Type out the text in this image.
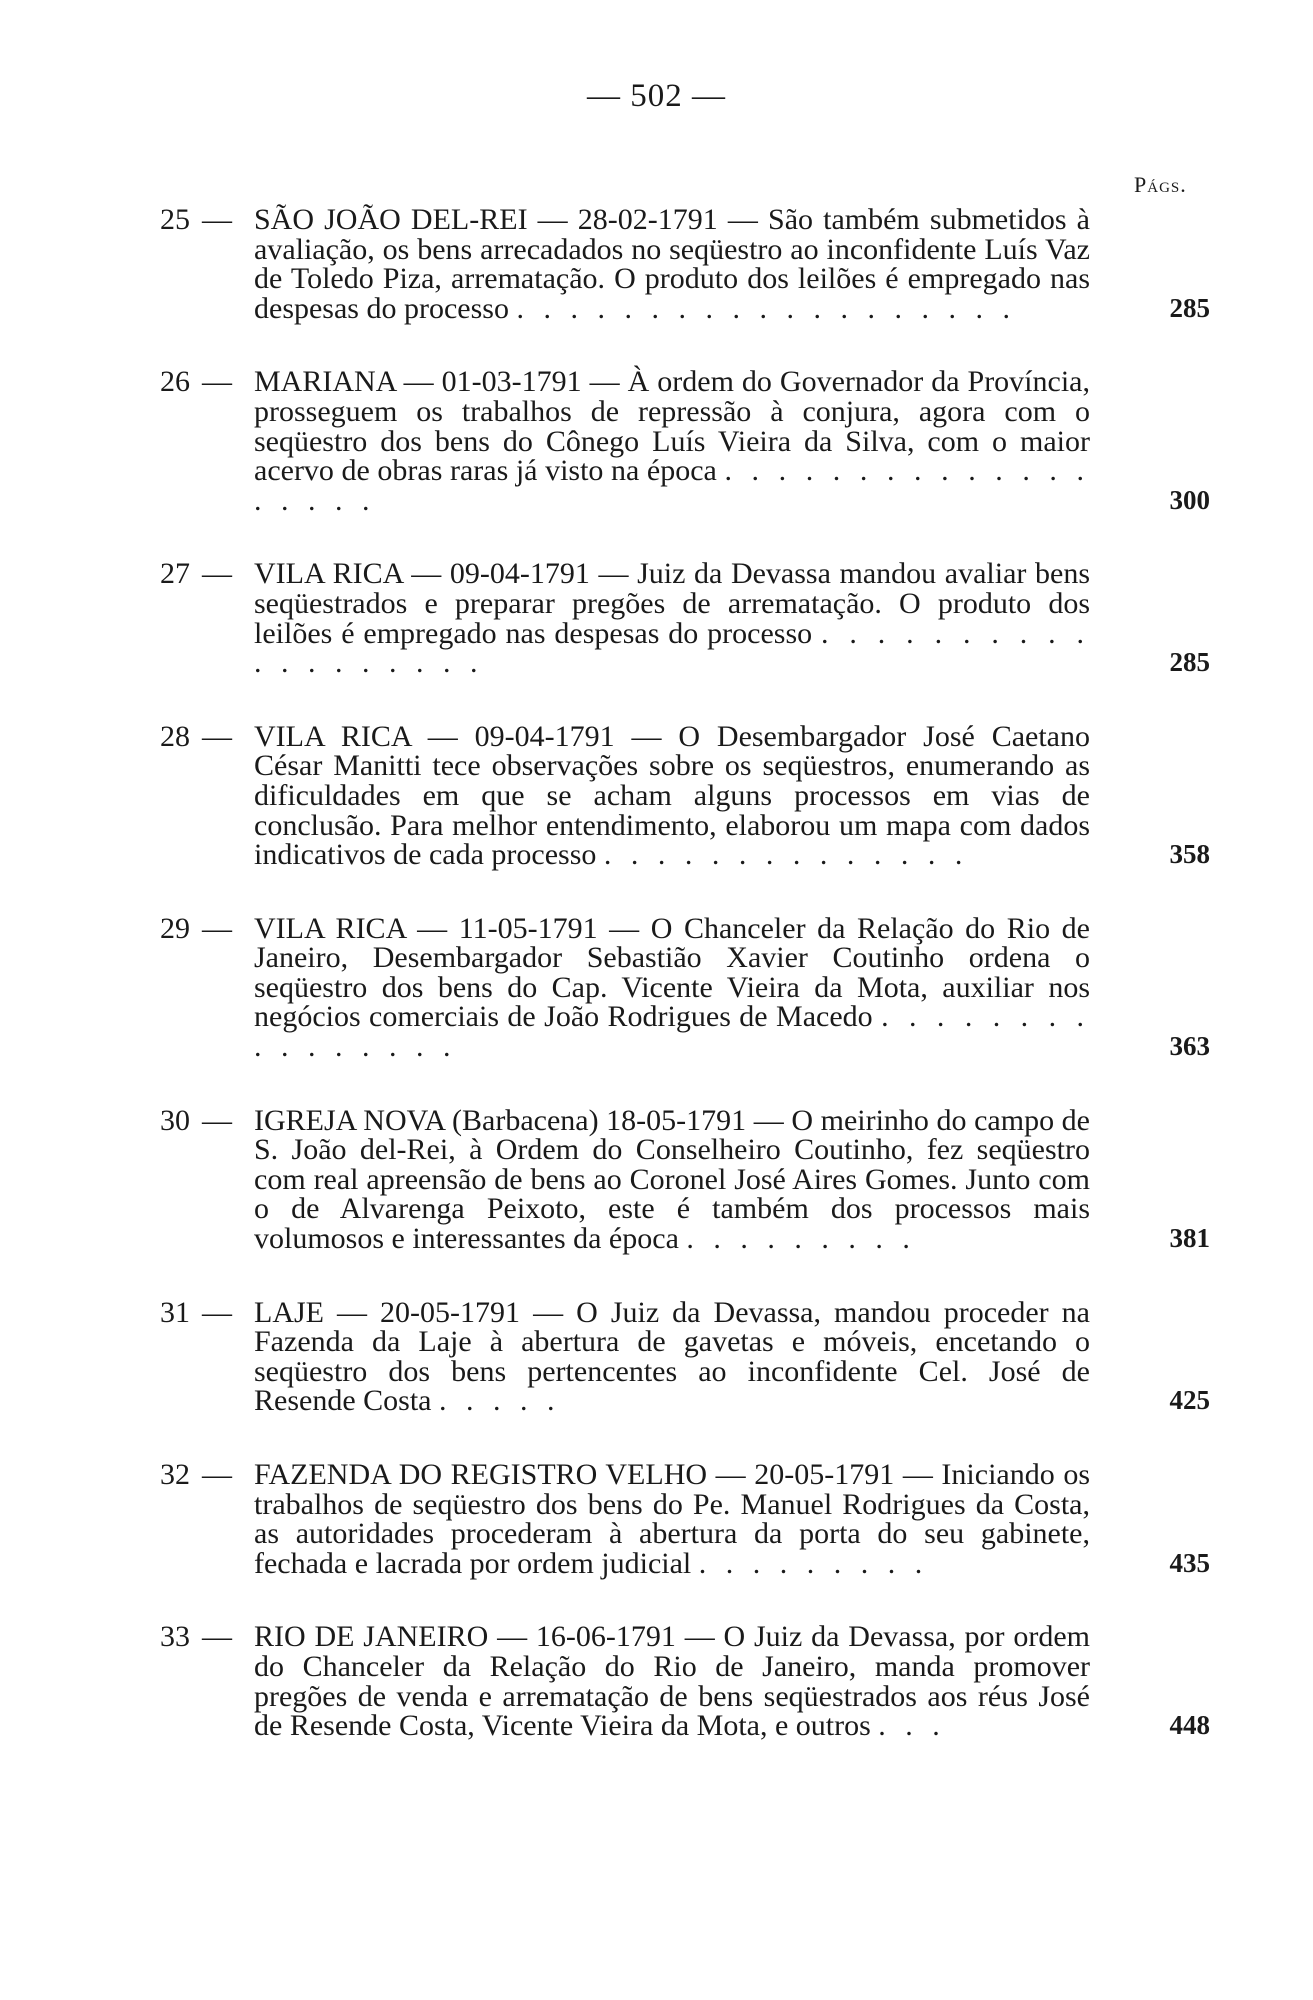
— 502 —
Págs.
25 — SÃO JOÃO DEL-REI — 28-02-1791 — São também submetidos à avaliação, os bens arrecadados no seqüestro ao inconfidente Luís Vaz de Toledo Piza, arrematação. O produto dos leilões é empregado nas despesas do processo . . . . . . . . . . . . . . . . . . .	285
26 — MARIANA — 01-03-1791 — À ordem do Governador da Província, prosseguem os trabalhos de repressão à conjura, agora com o seqüestro dos bens do Cônego Luís Vieira da Silva, com o maior acervo de obras raras já visto na época . . . . . . . . . . . . . . . . . . .	300
27 — VILA RICA — 09-04-1791 — Juiz da Devassa mandou avaliar bens seqüestrados e preparar pregões de arrematação. O produto dos leilões é empregado nas despesas do processo . . . . . . . . . . . . . . . . . . .	285
28 — VILA RICA — 09-04-1791 — O Desembargador José Caetano César Manitti tece observações sobre os seqüestros, enumerando as dificuldades em que se acham alguns processos em vias de conclusão. Para melhor entendimento, elaborou um mapa com dados indicativos de cada processo . . . . . . . . . . . . . .	358
29 — VILA RICA — 11-05-1791 — O Chanceler da Relação do Rio de Janeiro, Desembargador Sebastião Xavier Coutinho ordena o seqüestro dos bens do Cap. Vicente Vieira da Mota, auxiliar nos negócios comerciais de João Rodrigues de Macedo . . . . . . . . . . . . . . . .	363
30 — IGREJA NOVA (Barbacena) 18-05-1791 — O meirinho do campo de S. João del-Rei, à Ordem do Conselheiro Coutinho, fez seqüestro com real apreensão de bens ao Coronel José Aires Gomes. Junto com o de Alvarenga Peixoto, este é também dos processos mais volumosos e interessantes da época . . . . . . . . .	381
31 — LAJE — 20-05-1791 — O Juiz da Devassa, mandou proceder na Fazenda da Laje à abertura de gavetas e móveis, encetando o seqüestro dos bens pertencentes ao inconfidente Cel. José de Resende Costa . . . . .	425
32 — FAZENDA DO REGISTRO VELHO — 20-05-1791 — Iniciando os trabalhos de seqüestro dos bens do Pe. Manuel Rodrigues da Costa, as autoridades procederam à abertura da porta do seu gabinete, fechada e lacrada por ordem judicial . . . . . . . . .	435
33 — RIO DE JANEIRO — 16-06-1791 — O Juiz da Devassa, por ordem do Chanceler da Relação do Rio de Janeiro, manda promover pregões de venda e arrematação de bens seqüestrados aos réus José de Resende Costa, Vicente Vieira da Mota, e outros . . .	448
